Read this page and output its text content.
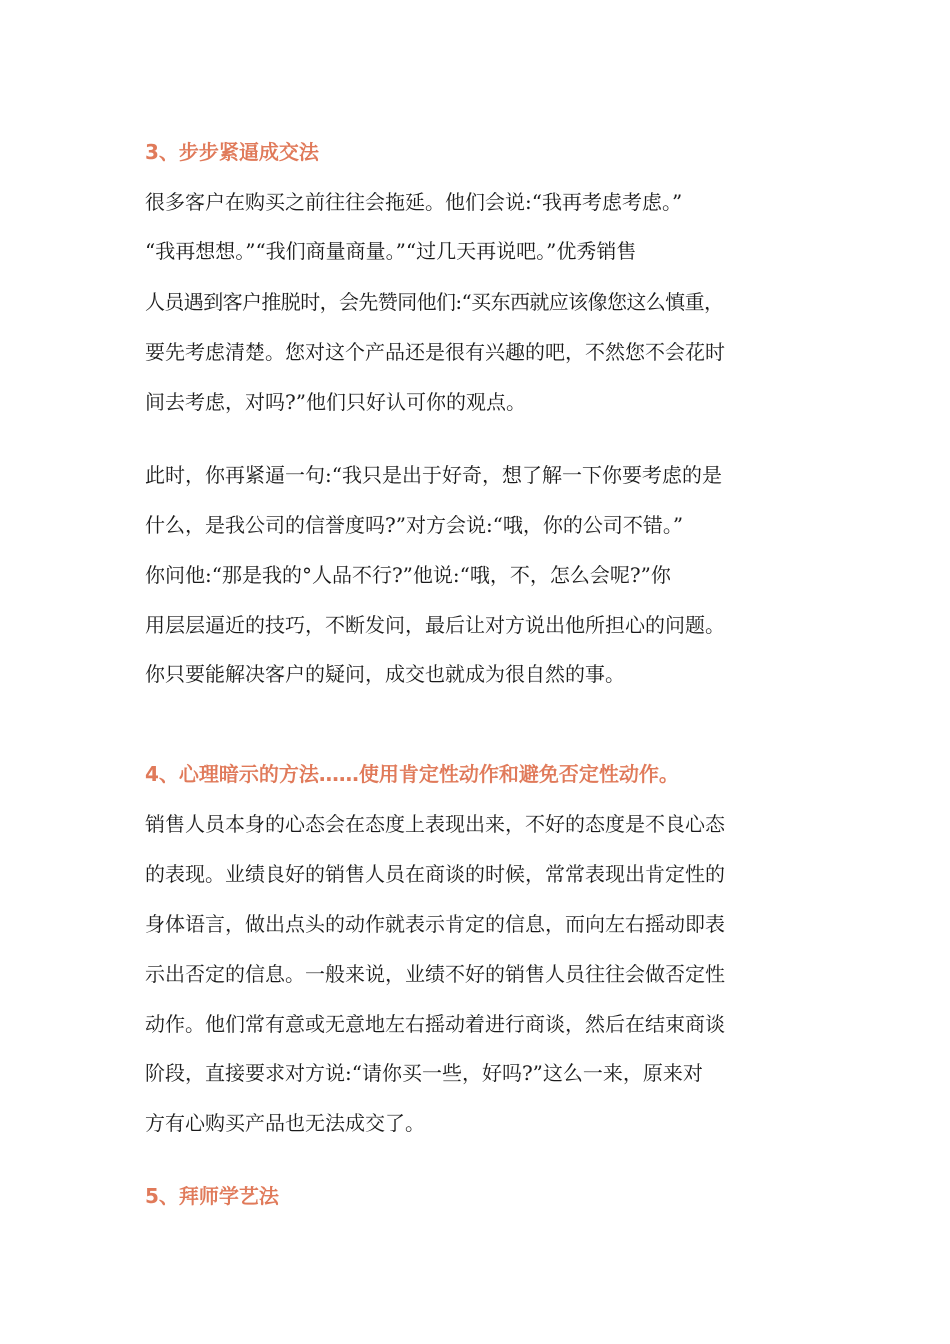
3、步步紧逼成交法

很多客户在购买之前往往会拖延。他们会说:“我再考虑考虑。”

“我再想想。”“我们商量商量。”“过几天再说吧。”优秀销售

人员遇到客户推脱时，会先赞同他们:“买东西就应该像您这么慎重，

要先考虑清楚。您对这个产品还是很有兴趣的吧，不然您不会花时

间去考虑，对吗?”他们只好认可你的观点。

此时，你再紧逼一句:“我只是出于好奇，想了解一下你要考虑的是

什么，是我公司的信誉度吗?”对方会说:“哦，你的公司不错。”

你问他:“那是我的°人品不行?”他说:“哦，不，怎么会呢?”你

用层层逼近的技巧，不断发问，最后让对方说出他所担心的问题。

你只要能解决客户的疑问，成交也就成为很自然的事。

4、心理暗示的方法……使用肯定性动作和避免否定性动作。

销售人员本身的心态会在态度上表现出来，不好的态度是不良心态

的表现。业绩良好的销售人员在商谈的时候，常常表现出肯定性的

身体语言，做出点头的动作就表示肯定的信息，而向左右摇动即表

示出否定的信息。一般来说，业绩不好的销售人员往往会做否定性

动作。他们常有意或无意地左右摇动着进行商谈，然后在结束商谈

阶段，直接要求对方说:“请你买一些，好吗?”这么一来，原来对

方有心购买产品也无法成交了。

5、拜师学艺法
